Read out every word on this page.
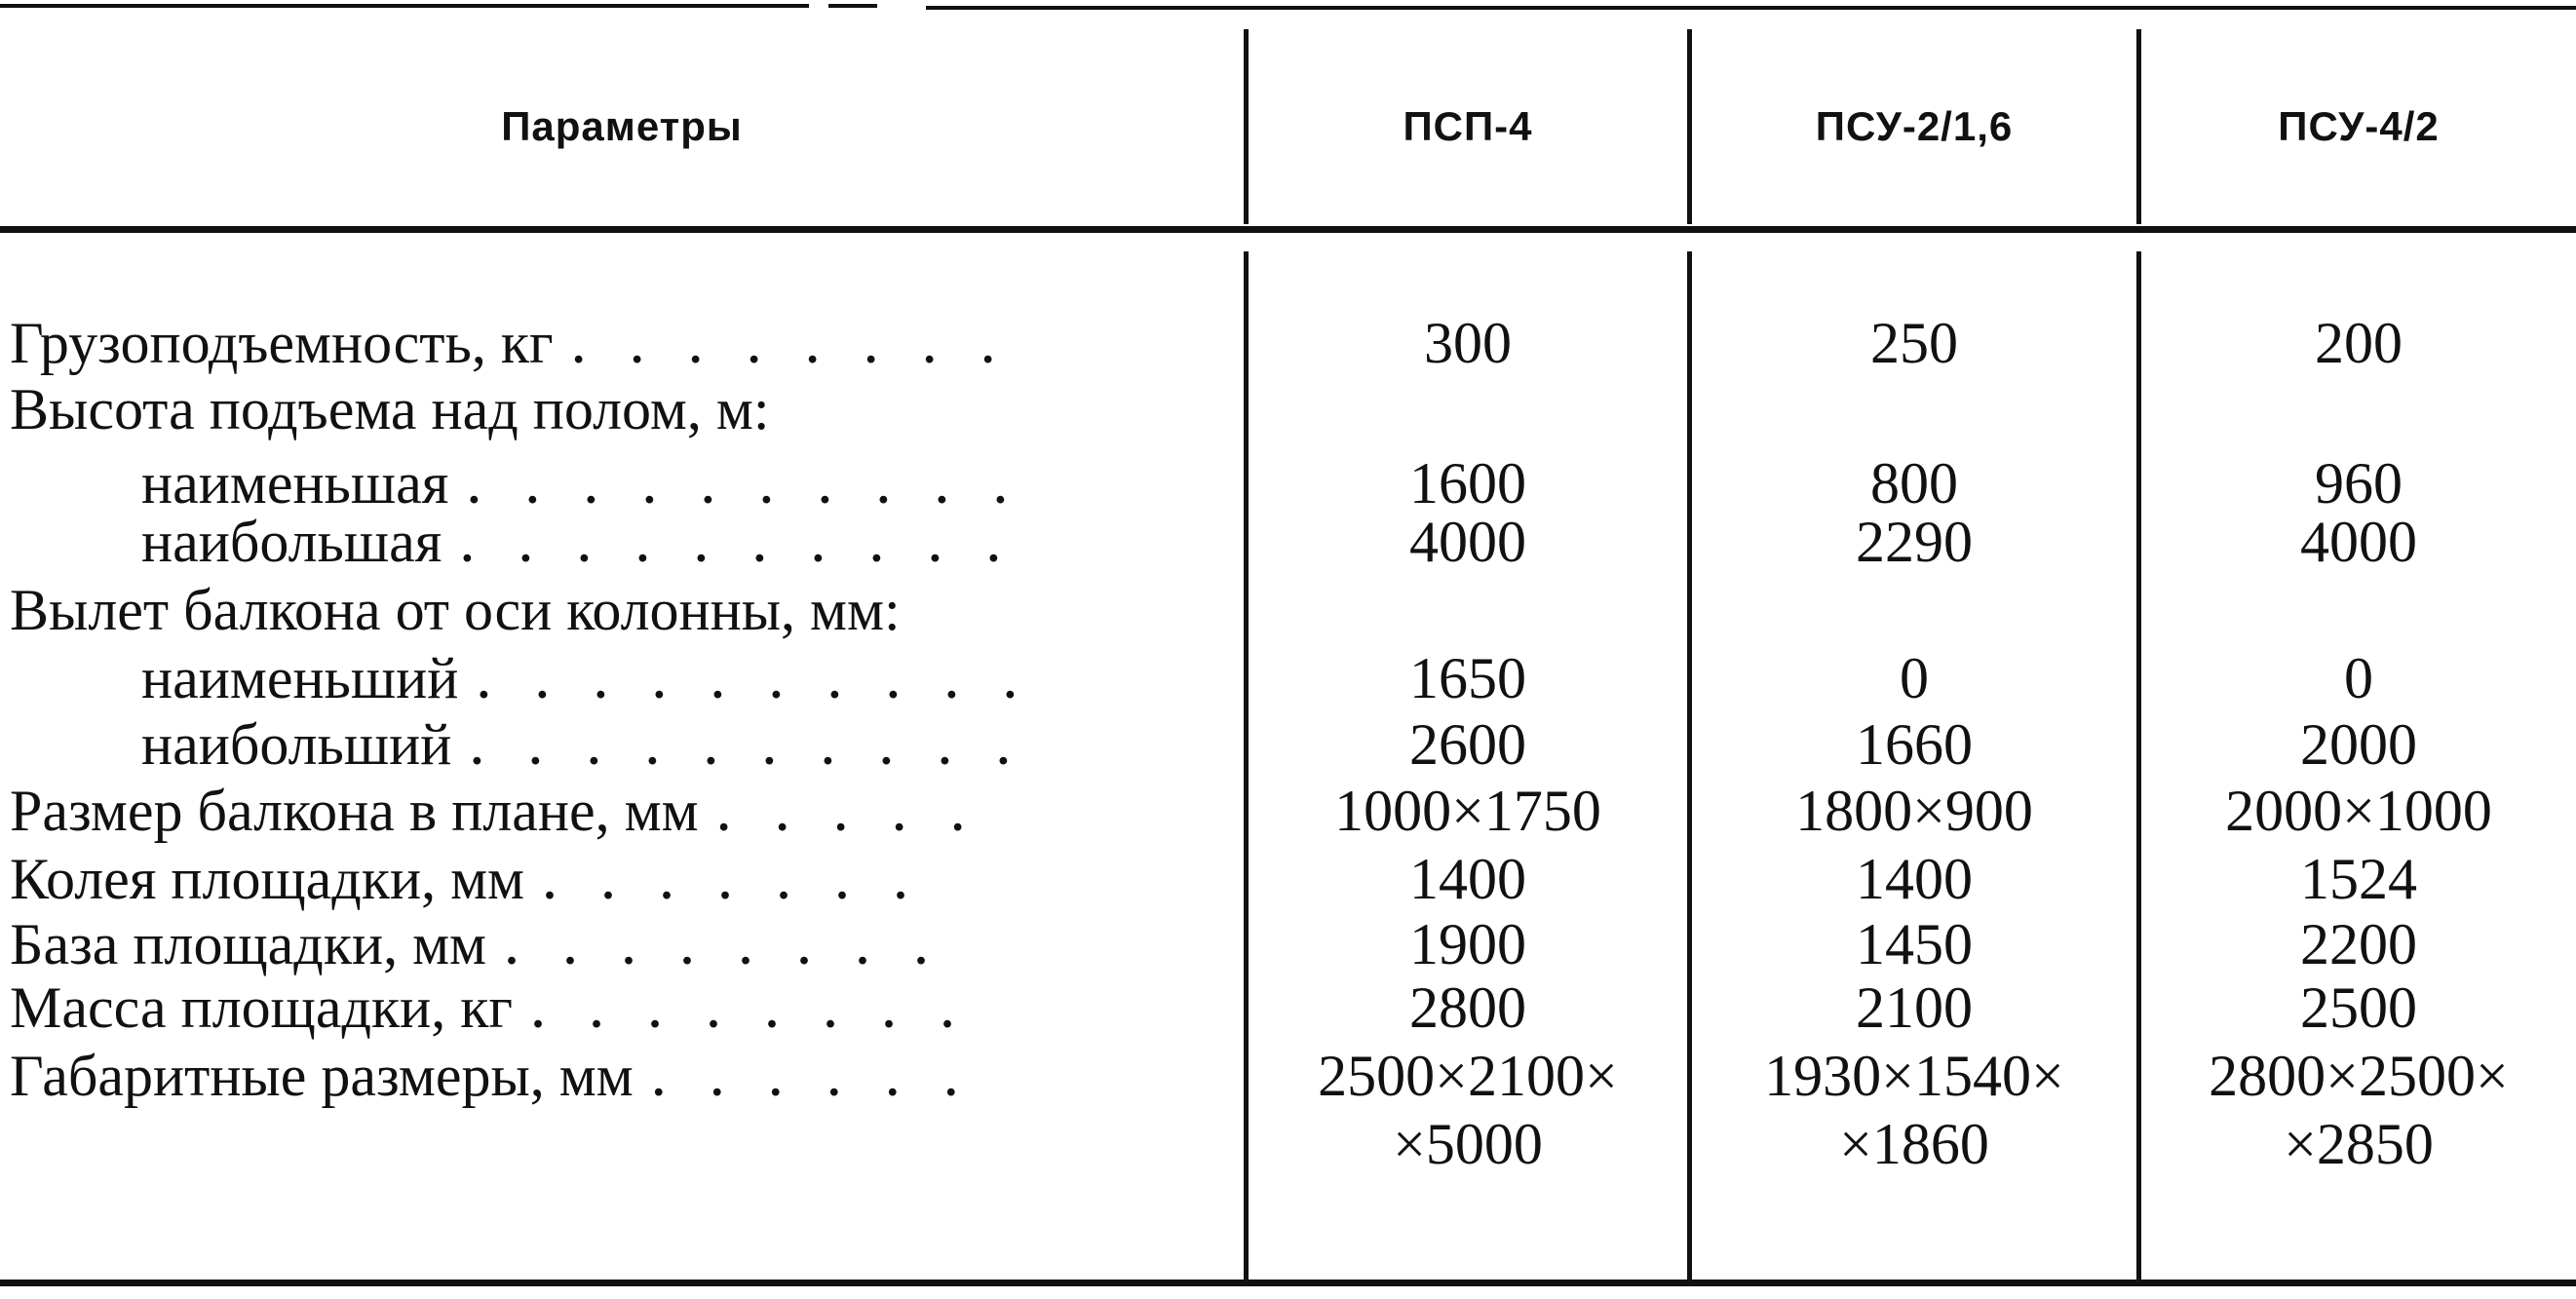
Параметры	ПСП-4	ПСУ-2/1,6	ПСУ-4/2
Грузоподъемность, кг . . . . . . . .	300	250	200
Высота подъема над полом, м:
наименьшая . . . . . . . . . .	1600	800	960
наибольшая . . . . . . . . . .	4000	2290	4000
Вылет балкона от оси колонны, мм:
наименьший . . . . . . . . . .	1650	0	0
наибольший . . . . . . . . . .	2600	1660	2000
Размер балкона в плане, мм . . . . .	1000×1750	1800×900	2000×1000
Колея площадки, мм . . . . . . .	1400	1400	1524
База площадки, мм . . . . . . . .	1900	1450	2200
Масса площадки, кг . . . . . . . .	2800	2100	2500
Габаритные размеры, мм . . . . . .	2500×2100×	1930×1540×	2800×2500×
×5000	×1860	×2850
